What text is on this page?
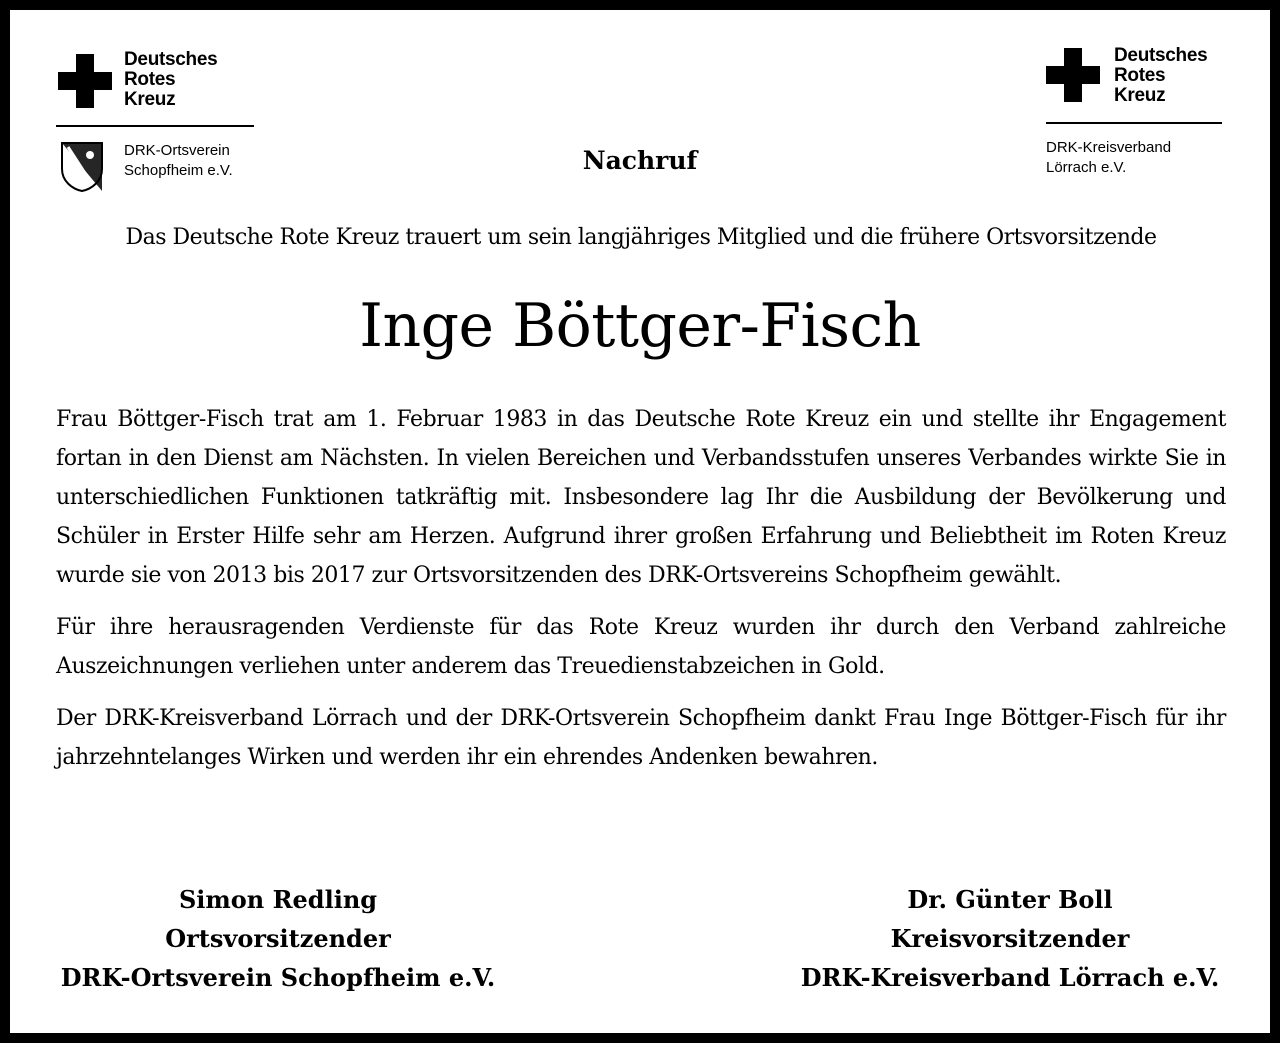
Deutsches
Rotes
Kreuz
DRK-Ortsverein
Schopfheim e.V.
Deutsches
Rotes
Kreuz
DRK-Kreisverband
Lörrach e.V.
Nachruf
Das Deutsche Rote Kreuz trauert um sein langjähriges Mitglied und die frühere Ortsvorsitzende
Inge Böttger-Fisch

Frau Böttger-Fisch trat am 1. Februar 1983 in das Deutsche Rote Kreuz ein und stellte ihr Engagement fortan in den Dienst am Nächsten. In vielen Bereichen und Verbandsstufen unseres Verbandes wirkte Sie in unterschiedlichen Funktionen tatkräftig mit. Insbesondere lag Ihr die Ausbildung der Bevölkerung und Schüler in Erster Hilfe sehr am Herzen. Aufgrund ihrer großen Erfahrung und Beliebtheit im Roten Kreuz wurde sie von 2013 bis 2017 zur Ortsvorsitzenden des DRK-Ortsvereins Schopfheim gewählt.

Für ihre herausragenden Verdienste für das Rote Kreuz wurden ihr durch den Verband zahlreiche Auszeichnungen verliehen unter anderem das Treuedienstabzeichen in Gold.

Der DRK-Kreisverband Lörrach und der DRK-Ortsverein Schopfheim dankt Frau Inge Böttger-Fisch für ihr jahrzehntelanges Wirken und werden ihr ein ehrendes Andenken bewahren.

Simon Redling
Ortsvorsitzender
DRK-Ortsverein Schopfheim e.V.
Dr. Günter Boll
Kreisvorsitzender
DRK-Kreisverband Lörrach e.V.
